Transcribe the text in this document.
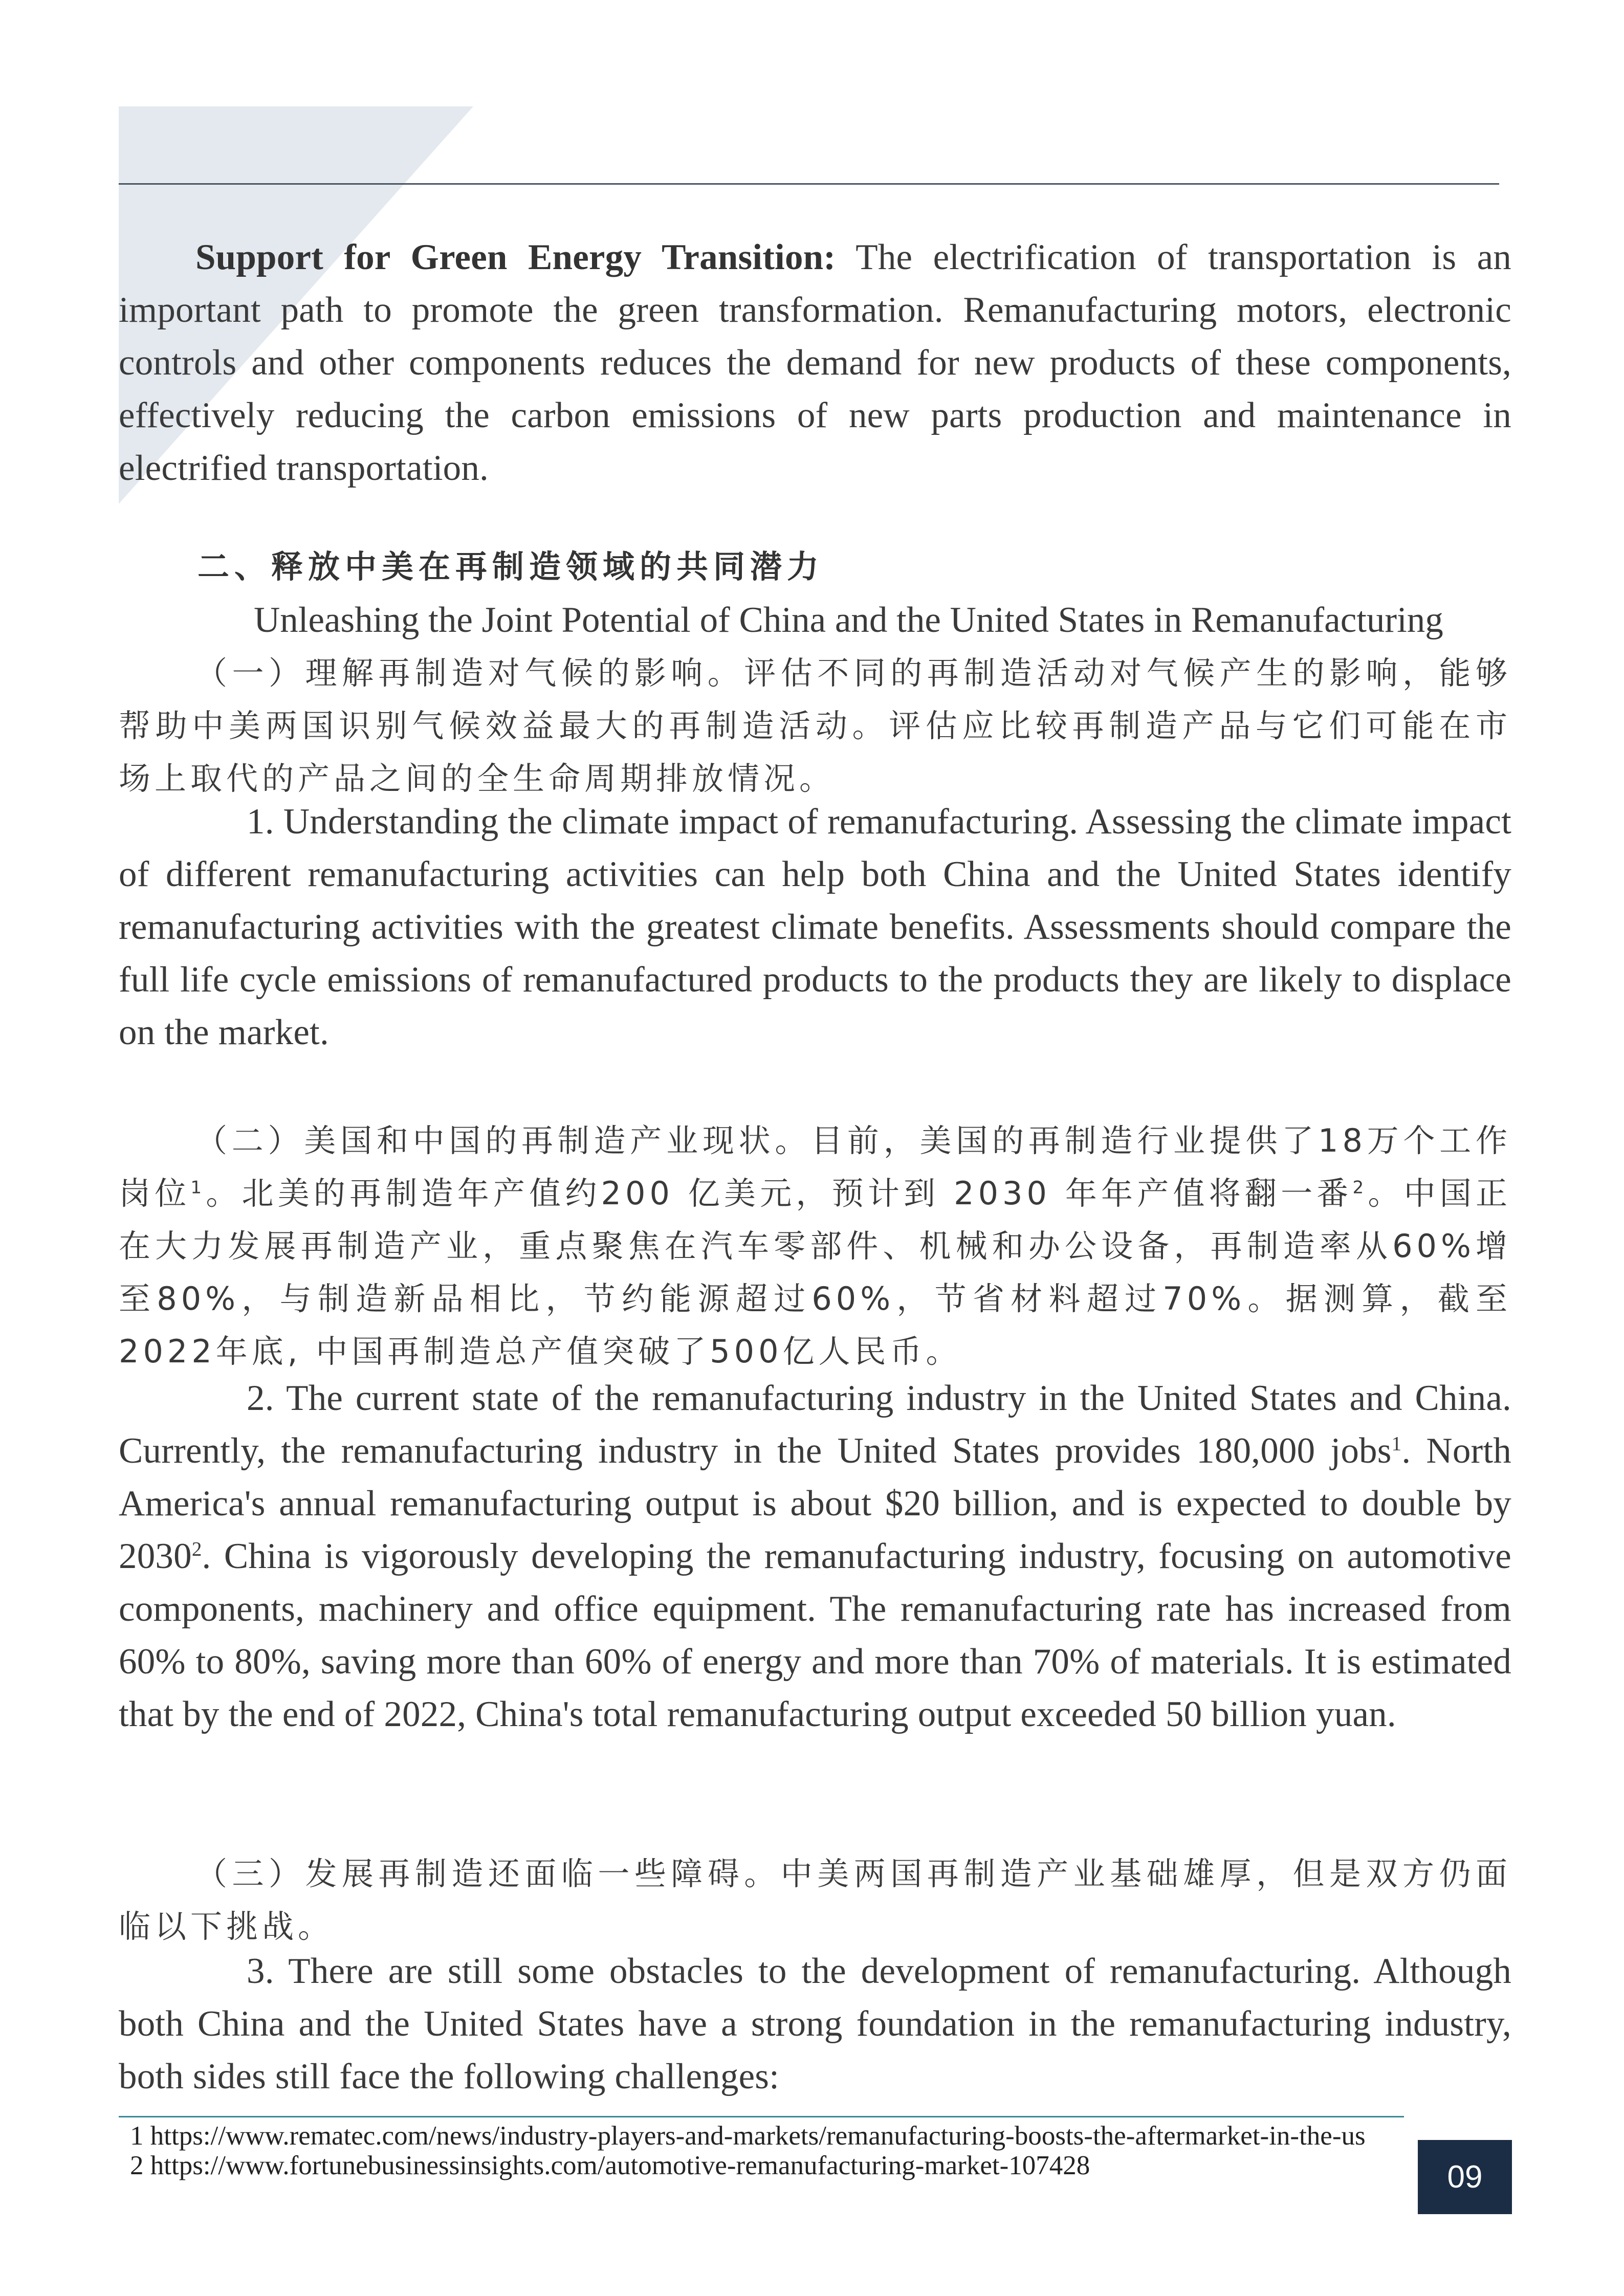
Support for Green Energy Transition: The electrification of transportation is an important path to promote the green transformation. Remanufacturing motors, electronic controls and other components reduces the demand for new products of these components, effectively reducing the carbon emissions of new parts production and maintenance in electrified transportation.

二、释放中美在再制造领域的共同潜力
Unleashing the Joint Potential of China and the United States in Remanufacturing

（一）理解再制造对气候的影响。评估不同的再制造活动对气候产生的影响，能够帮助中美两国识别气候效益最大的再制造活动。评估应比较再制造产品与它们可能在市场上取代的产品之间的全生命周期排放情况。

1. Understanding the climate impact of remanufacturing. Assessing the climate impact of different remanufacturing activities can help both China and the United States identify remanufacturing activities with the greatest climate benefits. Assessments should compare the full life cycle emissions of remanufactured products to the products they are likely to displace on the market.

（二）美国和中国的再制造产业现状。目前，美国的再制造行业提供了18万个工作岗位$^1$。北美的再制造年产值约200 亿美元，预计到 2030 年年产值将翻一番$^2$。中国正在大力发展再制造产业，重点聚焦在汽车零部件、机械和办公设备，再制造率从60%增至80%，与制造新品相比，节约能源超过60%，节省材料超过70%。据测算，截至2022年底, 中国再制造总产值突破了500亿人民币。

2. The current state of the remanufacturing industry in the United States and China. Currently, the remanufacturing industry in the United States provides 180,000 jobs$^1$. North America's annual remanufacturing output is about $20 billion, and is expected to double by 2030$^2$. China is vigorously developing the remanufacturing industry, focusing on automotive components, machinery and office equipment. The remanufacturing rate has increased from 60% to 80%, saving more than 60% of energy and more than 70% of materials. It is estimated that by the end of 2022, China's total remanufacturing output exceeded 50 billion yuan.

（三）发展再制造还面临一些障碍。中美两国再制造产业基础雄厚，但是双方仍面临以下挑战。

3. There are still some obstacles to the development of remanufacturing. Although both China and the United States have a strong foundation in the remanufacturing industry, both sides still face the following challenges:

1 https://www.rematec.com/news/industry-players-and-markets/remanufacturing-boosts-the-aftermarket-in-the-us
2 https://www.fortunebusinessinsights.com/automotive-remanufacturing-market-107428	09
